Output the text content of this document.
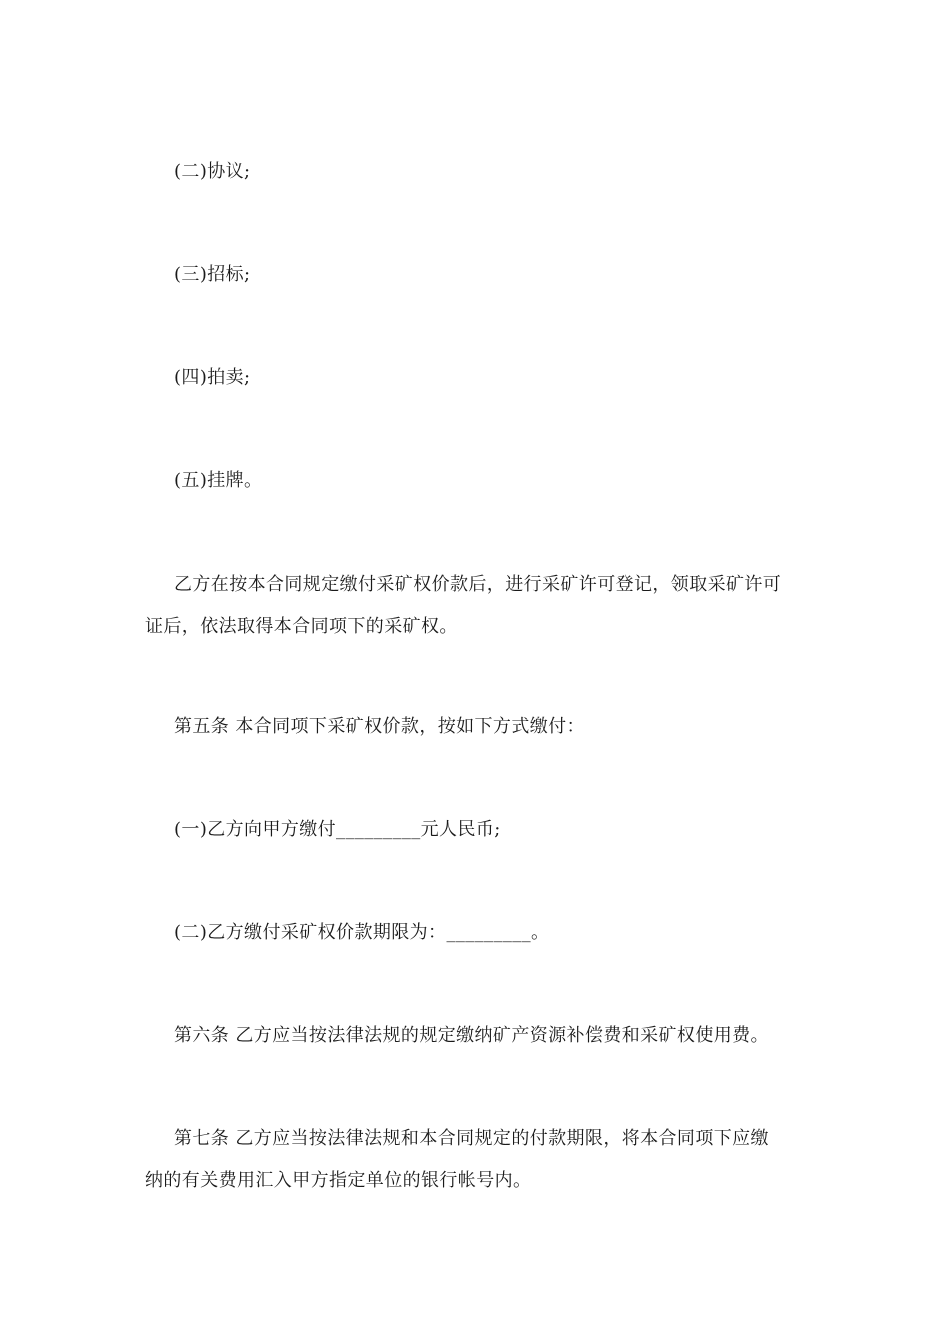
(二)协议;
(三)招标;
(四)拍卖;
(五)挂牌。
乙方在按本合同规定缴付采矿权价款后，进行采矿许可登记，领取采矿许可
证后，依法取得本合同项下的采矿权。
第五条 本合同项下采矿权价款，按如下方式缴付：
(一)乙方向甲方缴付_________元人民币;
(二)乙方缴付采矿权价款期限为：_________。
第六条 乙方应当按法律法规的规定缴纳矿产资源补偿费和采矿权使用费。
第七条 乙方应当按法律法规和本合同规定的付款期限，将本合同项下应缴
纳的有关费用汇入甲方指定单位的银行帐号内。
